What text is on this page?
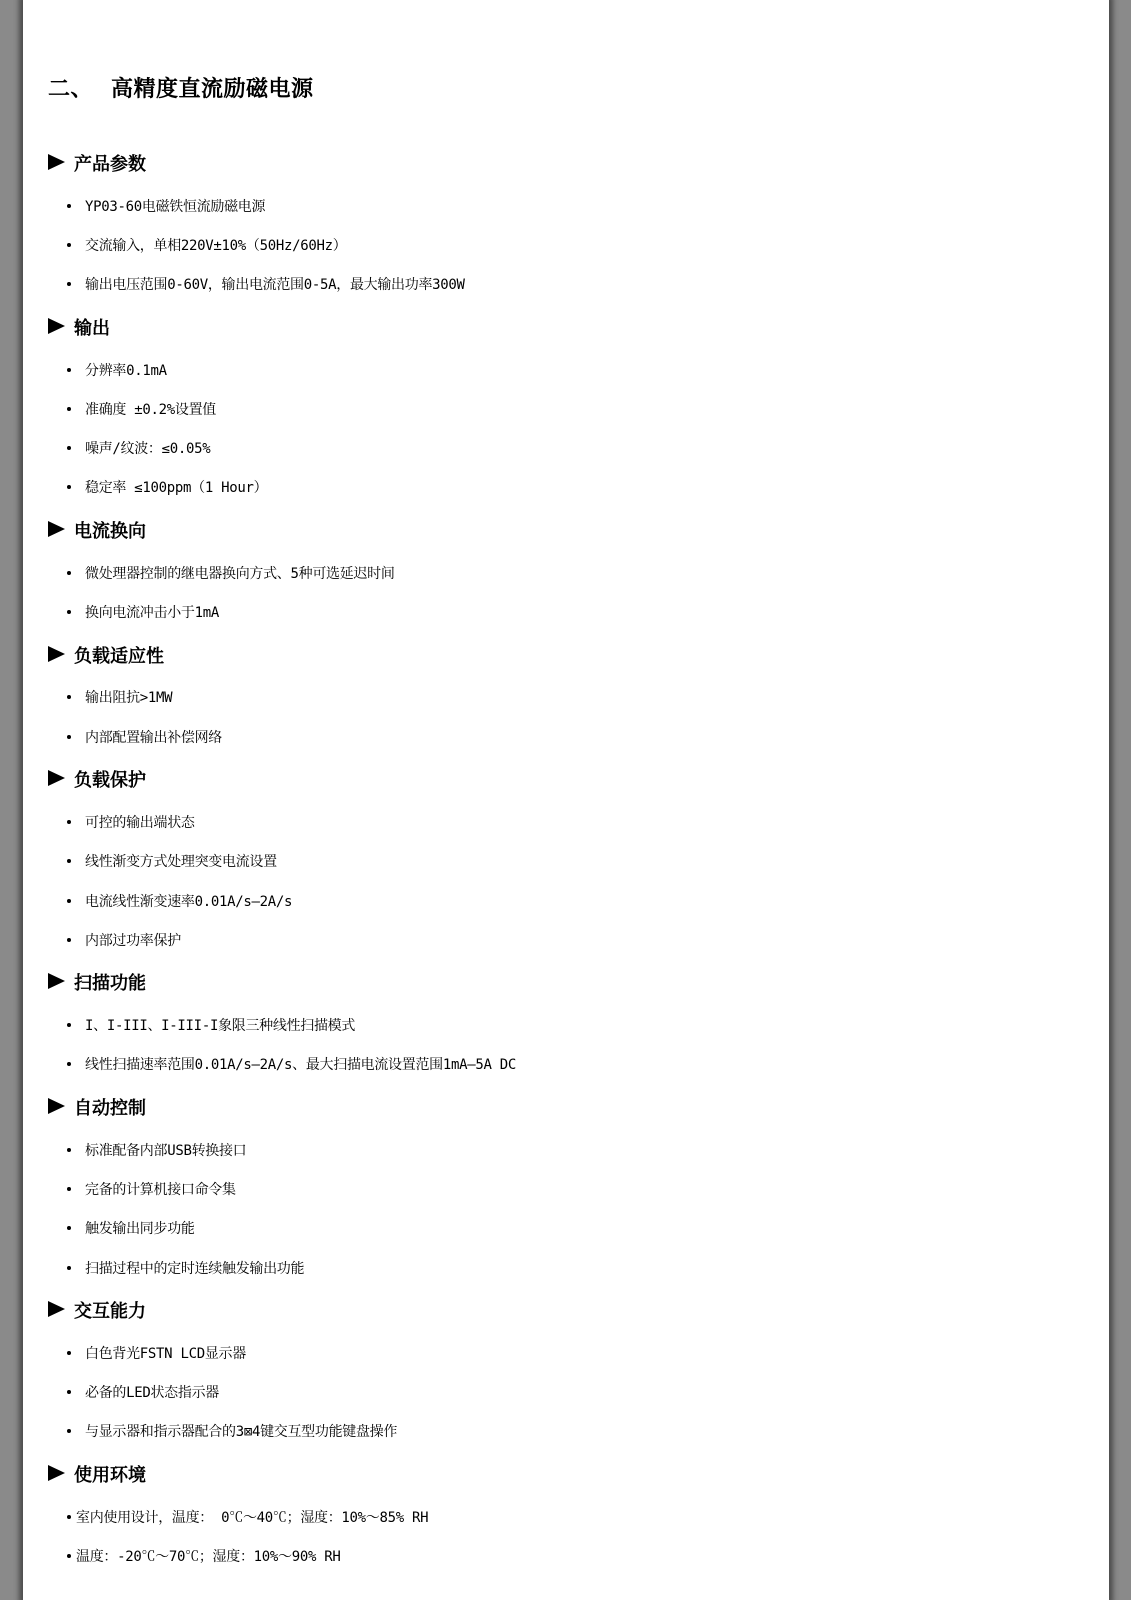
二、 高精度直流励磁电源
产品参数
YP03-60电磁铁恒流励磁电源
交流输入，单相220V±10%（50Hz/60Hz）
输出电压范围0-60V，输出电流范围0-5A，最大输出功率300W
输出
分辨率0.1mA
准确度 ±0.2%设置值
噪声/纹波：≤0.05%
稳定率 ≤100ppm（1 Hour）
电流换向
微处理器控制的继电器换向方式、5种可选延迟时间
换向电流冲击小于1mA
负载适应性
输出阻抗>1MW
内部配置输出补偿网络
负载保护
可控的输出端状态
线性渐变方式处理突变电流设置
电流线性渐变速率0.01A/s—2A/s
内部过功率保护
扫描功能
I、I-III、I-III-I象限三种线性扫描模式
线性扫描速率范围0.01A/s—2A/s、最大扫描电流设置范围1mA—5A DC
自动控制
标准配备内部USB转换接口
完备的计算机接口命令集
触发输出同步功能
扫描过程中的定时连续触发输出功能
交互能力
白色背光FSTN LCD显示器
必备的LED状态指示器
与显示器和指示器配合的3⊠4键交互型功能键盘操作
使用环境
室内使用设计，温度： 0℃～40℃；湿度：10%～85% RH
温度：-20℃～70℃；湿度：10%～90% RH
